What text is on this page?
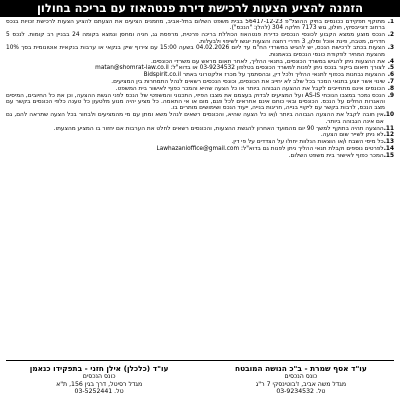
הזמנה להציע הצעות לרכישת דירת פנטהאוז עם בריכה בחולון
1.
מתוקף תפקידם ככונסים בתיק ההוצל"פ 56417-12-23 בבית משפט השלום בתל-אביב, מוזמנים הציעים את הצעתם להציע הצעות לרכישת זכויות בנכס ברחוב דונייבסקי, חולון, גוש 7173 חלקה 304 (להלן: "הנכס").
2.
הנכס מוצע ממצא הקבוע לכונסי הנכסים כדירת פנטהאוז הכוללת בריכה פרטית, מרפסת גג, חניה ומחסן ונמצא בקומה 24 בבניין רב קומות. לנכס 5 חדרים, מטבח, פינת אוכל וסלון, 3 חדרי רחצה והצעות יוגשו לשיפוי ולבעלות.
3.
הצעות בכתב לרכישת הנכס, יש להגיש במשרדי הח"מ עד ליום 04.02.2026 בשעה 15:00 עם צירוף שיק בנקאי או ערבות בנקאית אוטונומית בסך 10% מהצעת המחיר לפקודת כונסי הנכסים בנאמנות.
4.
את ההצעות ניתן להגיש במשרד הכונסים, בתנאי ההליך, לאחר תאום מראש עם משרדי הכונסים.
5.
לצורך תיאום ביקור בנכס ניתן לפנות למשרד הכונסים בטלפון 03-9234532 או בדוא"ל: matan@shomrat-law.co.il
6.
ההצעות נבחנות בכפוף לתנאי ההליך ולכל דין, ובהסתמך על מכרז אלקטרוני באתר Bidspirit.co.il
7.
שינוי אשר יוצע בתנאי המכר בכל שלב לא יחייב את הכונסים, וכונסי הנכסים רשאים לנהל התמחרות בין המציעים.
8.
הכונסים אינם מתחייבים לקבל את ההצעה הגבוהה ביותר או כל הצעה שהיא והמכר כפוף לאישור בית המשפט.
9.
הנכס נמכר במצבו הנוכחי AS-IS ועל המציעים לבדוק בעצמם את מצבו הפיזי, התכנוני והמשפטי של הנכס לפני הגשת ההצעה, וכן את כל החיובים, המיסים והאגרות החלים על הנכס. הכונסים ובאי כוחם אינם אחראים לכל פגם, מום או אי התאמה. כל מציע יהיה מנוע מלטעון כל טענה כלפי הכונסים בקשר עם מצב הנכס, לרבות בקשר עם ליקויי בנייה, חריגות בנייה, ייעוד הנכס ושימושים מותרים בו.
10.
אין חובה לקבל את ההצעה הגבוהה ביותר ו/או כל הצעה שהיא, והכונסים רשאים לנהל משא ומתן עם מי מהמציעים ולבחור בכל הצעה שתראה להם, גם אם אינה הגבוהה ביותר.
11.
ההצעה תהיה בתוקף למשך 90 יום מהמועד האחרון להגשת ההצעות, והכונסים רשאים לחלט את הערבות אם יחזור בו המציע מהצעתו.
12.
לא ניתן לשייר שום הצעה.
13.
כל מיסי השבח ו/או הוצאות הנלוות יחולו על הצדדים על פי דין.
14.
לפרטים נוספים וקבלת תנאי ההליך ניתן לפנות גם בדוא"ל: Lawhazanioffice@gmail.com
15.
המכר כפוף לאישור בית משפט השלום.
עו"ד אסף שמרת - ב"כ הנושה המובטח
כונס הנכסים
מגדל משה אביב, ז'בוטינסקי 7 ר"ג
טל. 03-9234532
עו"ד (כלכלן) אילן חזני - בתפקידו כנאמן
כונס הנכסים
מגדל רסיטל, דרך בגין 156, ת"א
טל. 03-5252441
